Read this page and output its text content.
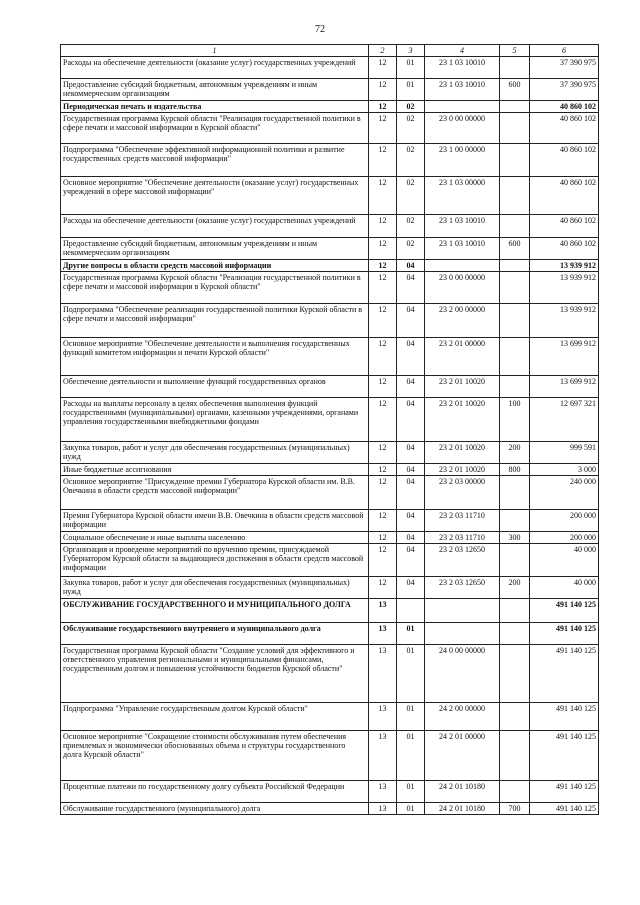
72
1	2	3	4	5	6
Расходы на обеспечение деятельности (оказание услуг) государственных учреждений	12	01	23 1 03 10010		37 390 975
Предоставление субсидий бюджетным, автономным учреждениям и иным некоммерческим организациям	12	01	23 1 03 10010	600	37 390 975
Периодическая печать и издательства	12	02			40 860 102
Государственная программа Курской области "Реализация государственной политики в сфере печати и массовой информации в Курской области"	12	02	23 0 00 00000		40 860 102
Подпрограмма "Обеспечение эффективной информационной политики и развитие государственных средств массовой информации"	12	02	23 1 00 00000		40 860 102
Основное мероприятие "Обеспечение деятельности (оказание услуг) государственных учреждений в сфере массовой информации"	12	02	23 1 03 00000		40 860 102
Расходы на обеспечение деятельности (оказание услуг) государственных учреждений	12	02	23 1 03 10010		40 860 102
Предоставление субсидий бюджетным, автономным учреждениям и иным некоммерческим организациям	12	02	23 1 03 10010	600	40 860 102
Другие вопросы в области средств массовой информации	12	04			13 939 912
Государственная программа Курской области "Реализация государственной политики в сфере печати и массовой информации в Курской области"	12	04	23 0 00 00000		13 939 912
Подпрограмма "Обеспечение реализации государственной политики Курской области в сфере печати и массовой информации"	12	04	23 2 00 00000		13 939 912
Основное мероприятие "Обеспечение деятельности и выполнения государственных функций комитетом информации и печати Курской области"	12	04	23 2 01 00000		13 699 912
Обеспечение деятельности и выполнение функций государственных органов	12	04	23 2 01 10020		13 699 912
Расходы на выплаты персоналу в целях обеспечения выполнения функций государственными (муниципальными) органами, казенными учреждениями, органами управления государственными внебюджетными фондами	12	04	23 2 01 10020	100	12 697 321
Закупка товаров, работ и услуг для обеспечения государственных (муниципальных) нужд	12	04	23 2 01 10020	200	999 591
Иные бюджетные ассигнования	12	04	23 2 01 10020	800	3 000
Основное мероприятие "Присуждение премии Губернатора Курской области им. В.В. Овечкина в области средств массовой информации"	12	04	23 2 03 00000		240 000
Премия Губернатора Курской области имени В.В. Овечкина в области средств массовой информации	12	04	23 2 03 11710		200 000
Социальное обеспечение и иные выплаты населению	12	04	23 2 03 11710	300	200 000
Организация и проведение мероприятий по вручению премии, присуждаемой Губернатором Курской области за выдающиеся достижения в области средств массовой информации	12	04	23 2 03 12650		40 000
Закупка товаров, работ и услуг для обеспечения государственных (муниципальных) нужд	12	04	23 2 03 12650	200	40 000
ОБСЛУЖИВАНИЕ ГОСУДАРСТВЕННОГО И МУНИЦИПАЛЬНОГО ДОЛГА	13				491 140 125
Обслуживание государственного внутреннего и муниципального долга	13	01			491 140 125
Государственная программа Курской области "Создание условий для эффективного и ответственного управления региональными и муниципальными финансами, государственным долгом и повышения устойчивости бюджетов Курской области"	13	01	24 0 00 00000		491 140 125
Подпрограмма "Управление государственным долгом Курской области"	13	01	24 2 00 00000		491 140 125
Основное мероприятие "Сокращение стоимости обслуживания путем обеспечения приемлемых и экономически обоснованных объема и структуры государственного долга Курской области"	13	01	24 2 01 00000		491 140 125
Процентные платежи по государственному долгу субъекта Российской Федерации	13	01	24 2 01 10180		491 140 125
Обслуживание государственного (муниципального) долга	13	01	24 2 01 10180	700	491 140 125
